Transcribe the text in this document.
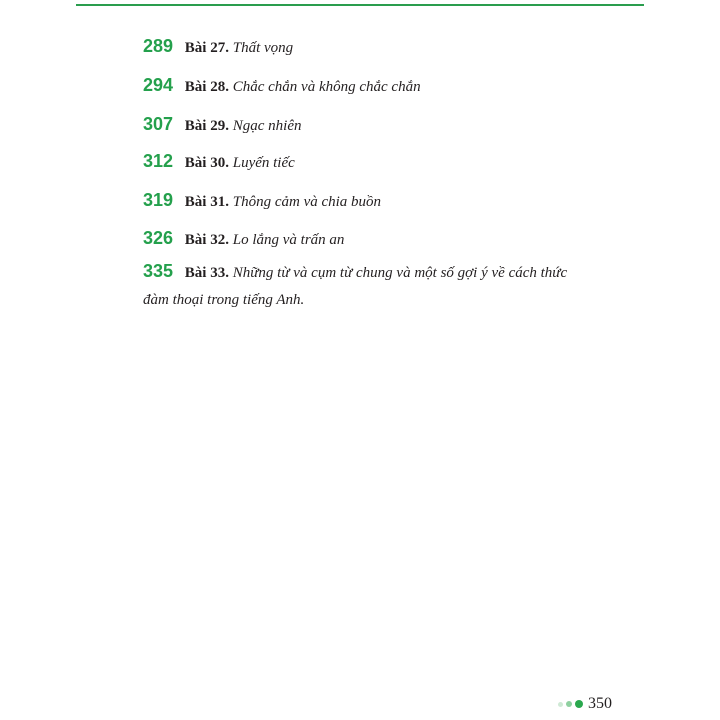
289 Bài 27. Thất vọng
294 Bài 28. Chắc chắn và không chắc chắn
307 Bài 29. Ngạc nhiên
312 Bài 30. Luyến tiếc
319 Bài 31. Thông cảm và chia buồn
326 Bài 32. Lo lắng và trấn an
335 Bài 33. Những từ và cụm từ chung và một số gợi ý về cách thức
đàm thoại trong tiếng Anh.
350
